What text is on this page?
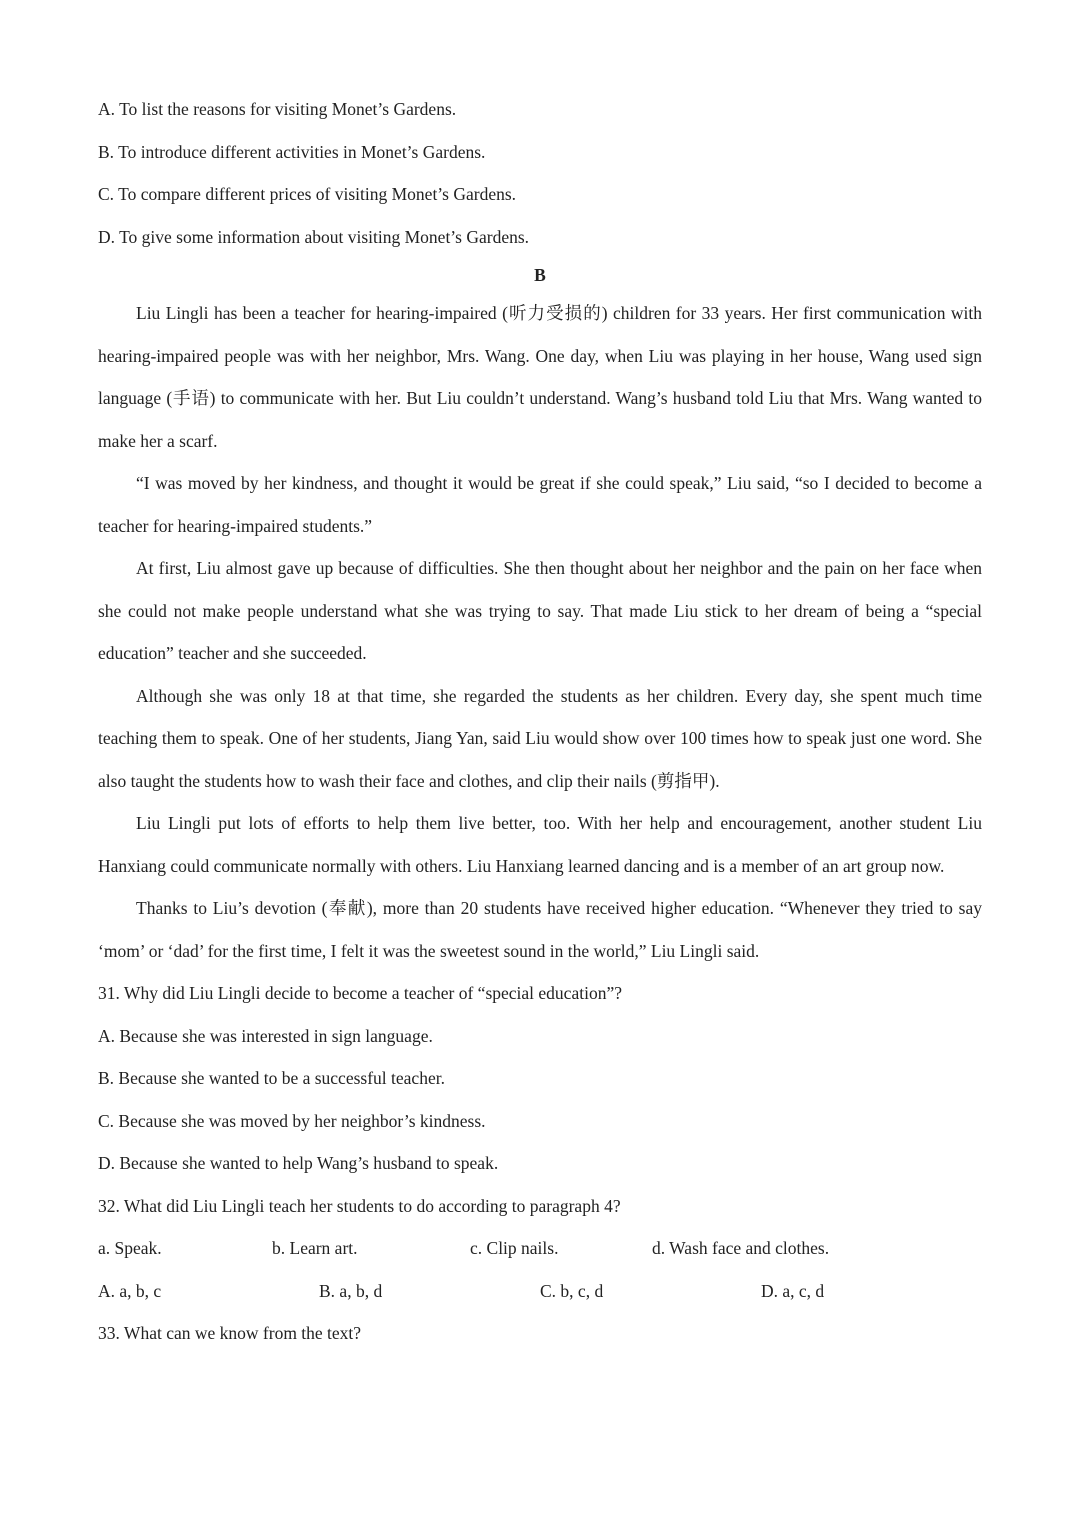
A. To list the reasons for visiting Monet’s Gardens.

B. To introduce different activities in Monet’s Gardens.

C. To compare different prices of visiting Monet’s Gardens.

D. To give some information about visiting Monet’s Gardens.

B

Liu Lingli has been a teacher for hearing-impaired (听力受损的) children for 33 years. Her first communication with hearing-impaired people was with her neighbor, Mrs. Wang. One day, when Liu was playing in her house, Wang used sign language (手语) to communicate with her. But Liu couldn’t understand. Wang’s husband told Liu that Mrs. Wang wanted to make her a scarf.

“I was moved by her kindness, and thought it would be great if she could speak,” Liu said, “so I decided to become a teacher for hearing-impaired students.”

At first, Liu almost gave up because of difficulties. She then thought about her neighbor and the pain on her face when she could not make people understand what she was trying to say. That made Liu stick to her dream of being a “special education” teacher and she succeeded.

Although she was only 18 at that time, she regarded the students as her children. Every day, she spent much time teaching them to speak. One of her students, Jiang Yan, said Liu would show over 100 times how to speak just one word. She also taught the students how to wash their face and clothes, and clip their nails (剪指甲).

Liu Lingli put lots of efforts to help them live better, too. With her help and encouragement, another student Liu Hanxiang could communicate normally with others. Liu Hanxiang learned dancing and is a member of an art group now.

Thanks to Liu’s devotion (奉献), more than 20 students have received higher education. “Whenever they tried to say ‘mom’ or ‘dad’ for the first time, I felt it was the sweetest sound in the world,” Liu Lingli said.

31. Why did Liu Lingli decide to become a teacher of “special education”?

A. Because she was interested in sign language.

B. Because she wanted to be a successful teacher.

C. Because she was moved by her neighbor’s kindness.

D. Because she wanted to help Wang’s husband to speak.

32. What did Liu Lingli teach her students to do according to paragraph 4?

a. Speak.	b. Learn art.	c. Clip nails.	d. Wash face and clothes.
A. a, b, c	B. a, b, d	C. b, c, d	D. a, c, d

33. What can we know from the text?
